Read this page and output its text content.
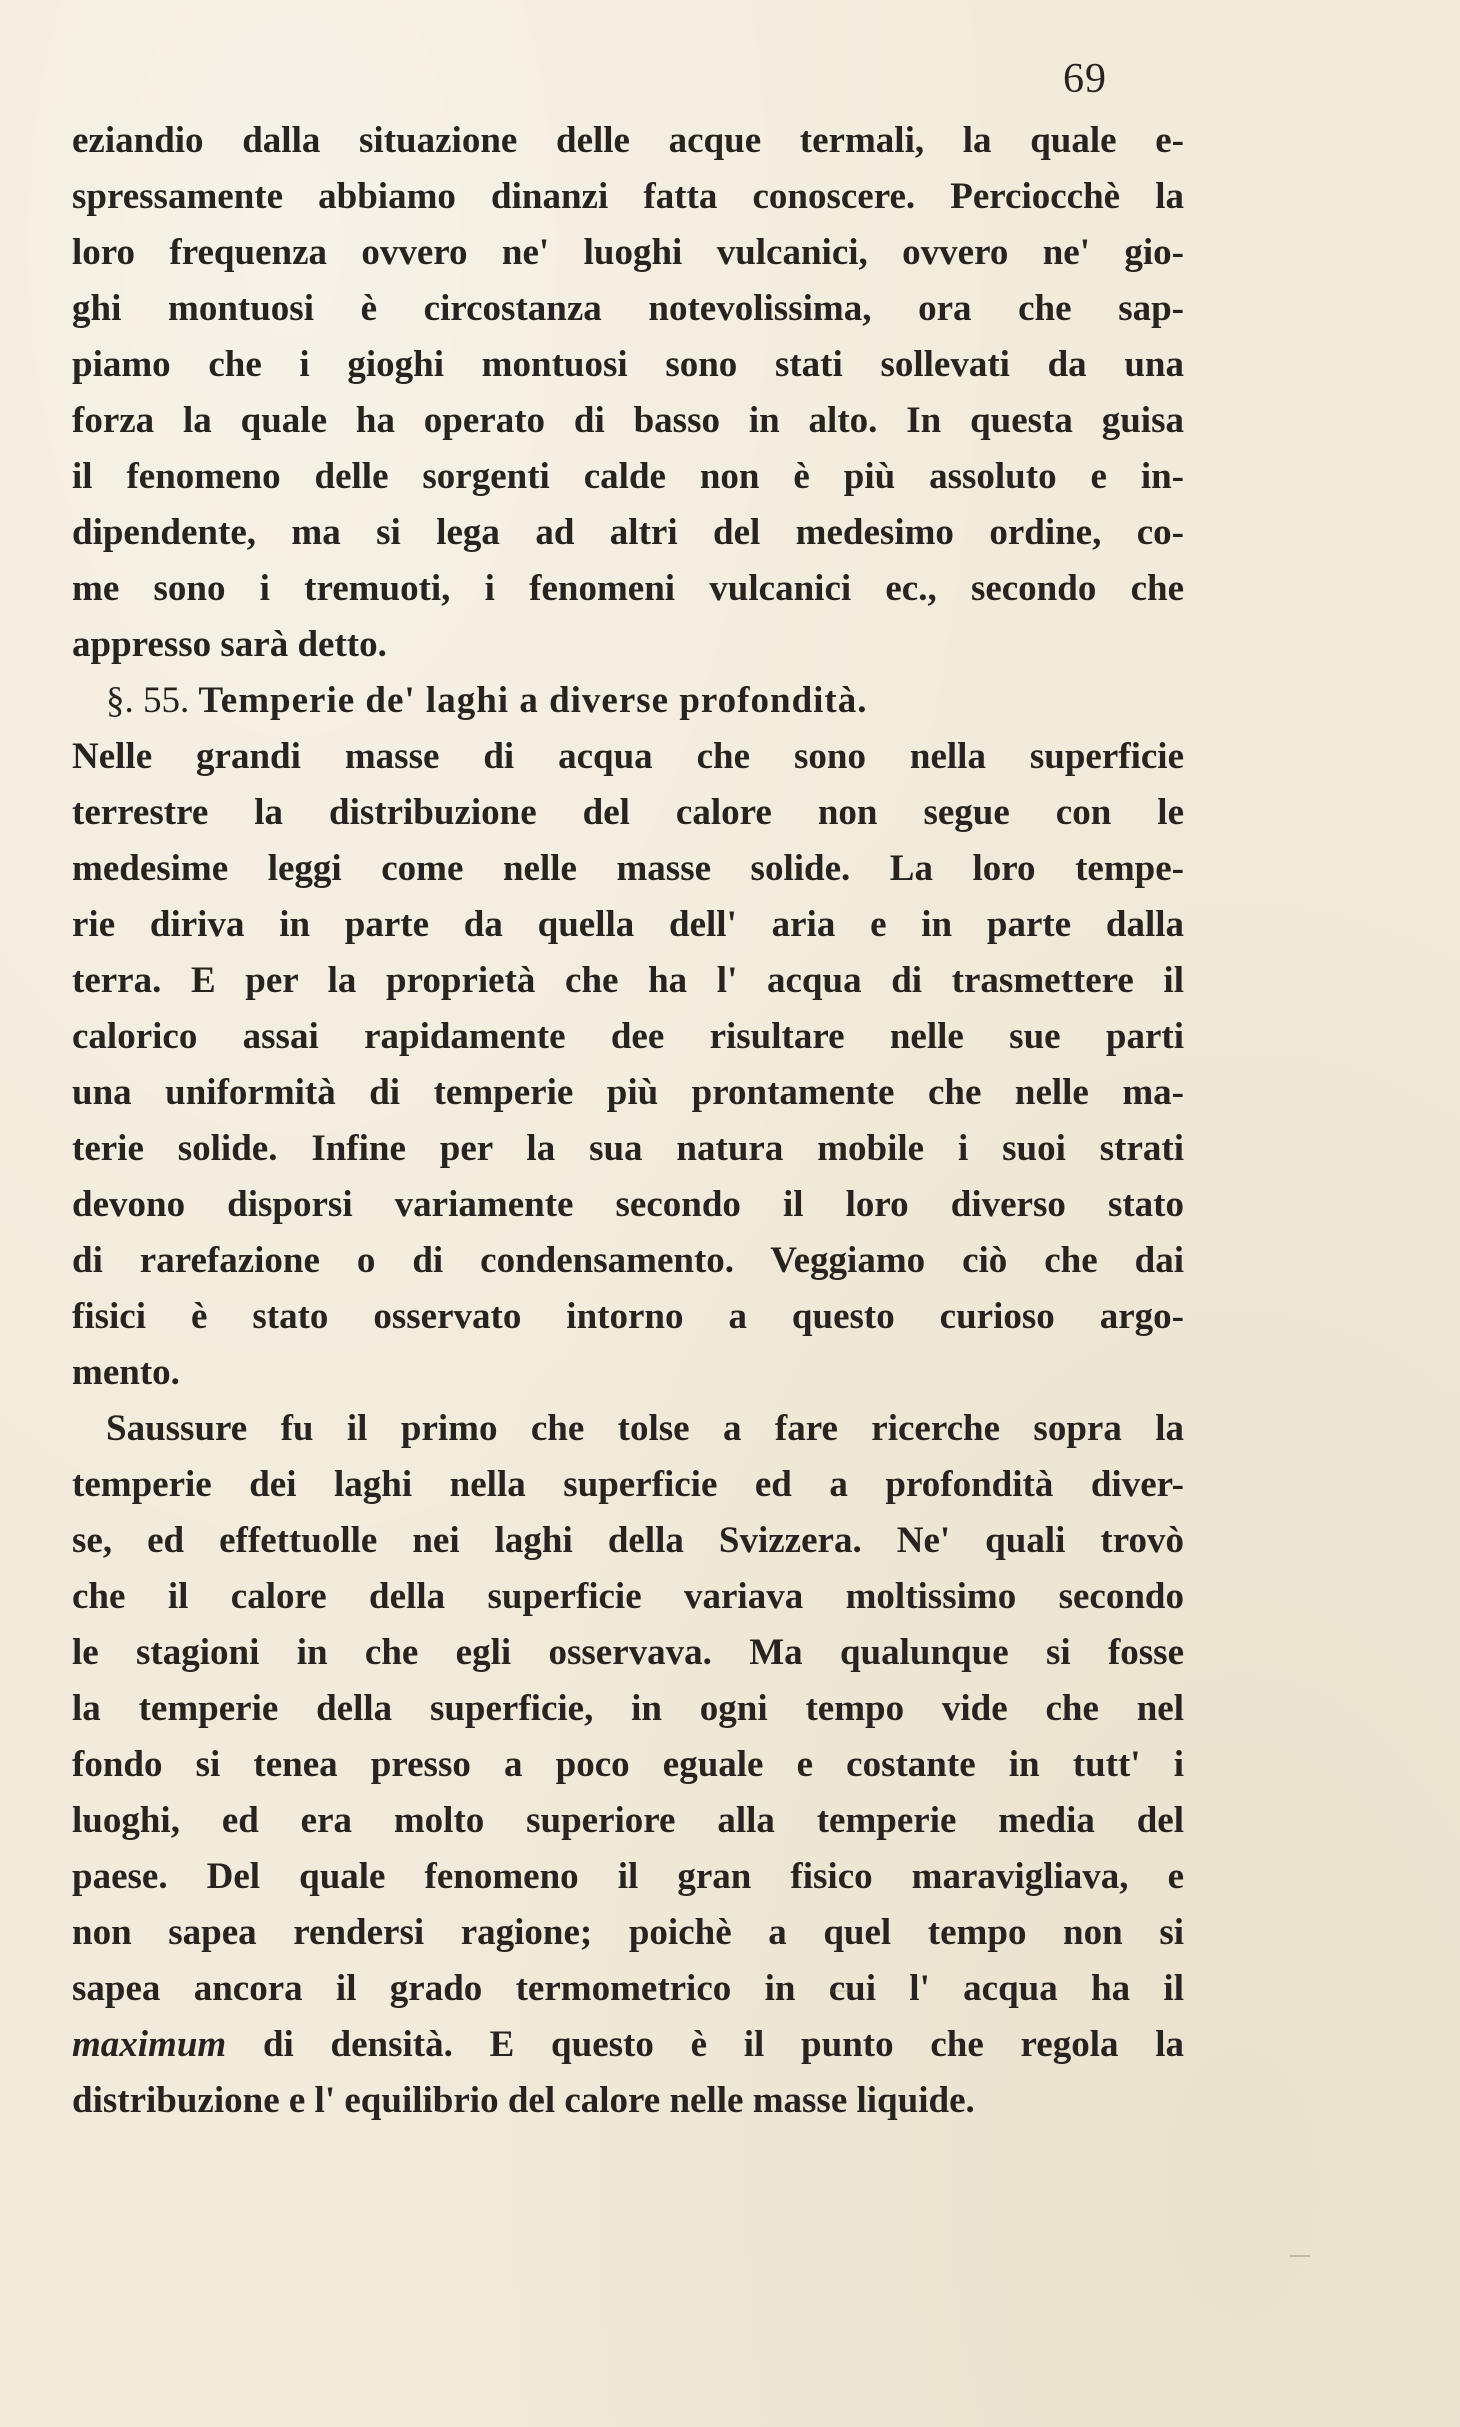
69
eziandio dalla situazione delle acque termali, la quale e-
spressamente abbiamo dinanzi fatta conoscere. Perciocchè la
loro frequenza ovvero ne' luoghi vulcanici, ovvero ne' gio-
ghi montuosi è circostanza notevolissima, ora che sap-
piamo che i gioghi montuosi sono stati sollevati da una
forza la quale ha operato di basso in alto. In questa guisa
il fenomeno delle sorgenti calde non è più assoluto e in-
dipendente, ma si lega ad altri del medesimo ordine, co-
me sono i tremuoti, i fenomeni vulcanici ec., secondo che
appresso sarà detto.
§. 55. Temperie de' laghi a diverse profondità.
Nelle grandi masse di acqua che sono nella superficie
terrestre la distribuzione del calore non segue con le
medesime leggi come nelle masse solide. La loro tempe-
rie diriva in parte da quella dell' aria e in parte dalla
terra. E per la proprietà che ha l' acqua di trasmettere il
calorico assai rapidamente dee risultare nelle sue parti
una uniformità di temperie più prontamente che nelle ma-
terie solide. Infine per la sua natura mobile i suoi strati
devono disporsi variamente secondo il loro diverso stato
di rarefazione o di condensamento. Veggiamo ciò che dai
fisici è stato osservato intorno a questo curioso argo-
mento.
Saussure fu il primo che tolse a fare ricerche sopra la
temperie dei laghi nella superficie ed a profondità diver-
se, ed effettuolle nei laghi della Svizzera. Ne' quali trovò
che il calore della superficie variava moltissimo secondo
le stagioni in che egli osservava. Ma qualunque si fosse
la temperie della superficie, in ogni tempo vide che nel
fondo si tenea presso a poco eguale e costante in tutt' i
luoghi, ed era molto superiore alla temperie media del
paese. Del quale fenomeno il gran fisico maravigliava, e
non sapea rendersi ragione; poichè a quel tempo non si
sapea ancora il grado termometrico in cui l' acqua ha il
maximum di densità. E questo è il punto che regola la
distribuzione e l' equilibrio del calore nelle masse liquide.
